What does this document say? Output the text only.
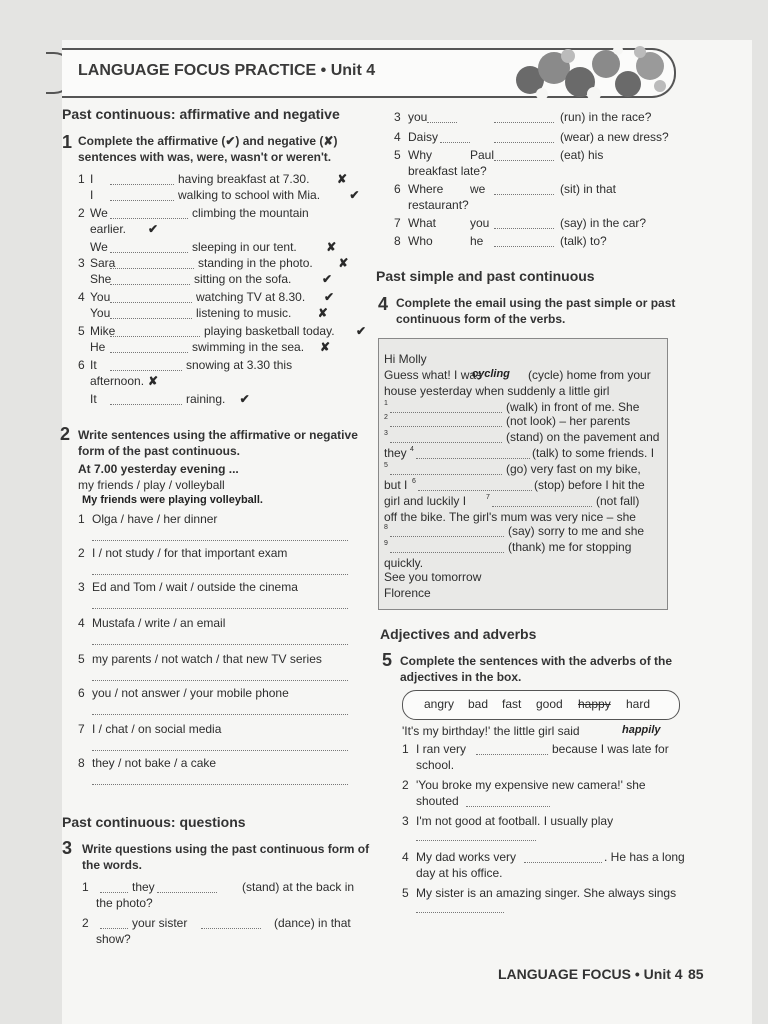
LANGUAGE FOCUS PRACTICE • Unit 4
Past continuous: affirmative and negative
1 Complete the affirmative (✔) and negative (✘)
sentences with was, were, wasn't or weren't.
2 Write sentences using the affirmative or negative
form of the past continuous.
At 7.00 yesterday evening ...
my friends / play / volleyball
My friends were playing volleyball.
Past continuous: questions
3 Write questions using the past continuous form of
the words.
Past simple and past continuous
4 Complete the email using the past simple or past
continuous form of the verbs.
Adjectives and adverbs
5 Complete the sentences with the adverbs of the
adjectives in the box.
LANGUAGE FOCUS • Unit 4 85
1 I	having breakfast at 7.30. ✘
I	walking to school with Mia. ✔
2 We	climbing the mountain
earlier. ✔
We	sleeping in our tent. ✘
3 Sara	standing in the photo. ✘
She	sitting on the sofa.	✔
4 You	watching TV at 8.30. ✔
You	listening to music. ✘
5 Mike	playing basketball today. ✔
He	swimming in the sea. ✘
6 It	snowing at 3.30 this
afternoon. ✘
It	raining. ✔
1 Olga / have / her dinner
2 I / not study / for that important exam
3 Ed and Tom / wait / outside the cinema
4 Mustafa / write / an email
5 my parents / not watch / that new TV series
6 you / not answer / your mobile phone
7 I / chat / on social media
8 they / not bake / a cake
1	they	(stand) at the back in
the photo?
2	your sister	(dance) in that
show?
3 you	(run) in the race?
4 Daisy	(wear) a new dress?
5 Why	Paul	(eat) his
breakfast late?
6 Where we	(sit) in that
restaurant?
7 What	you	(say) in the car?
8 Who	he	(talk) to?
Hi Molly
Guess what! I was
cycling (cycle) home from your
house yesterday when suddenly a little girl
1	(walk) in front of me. She
2	(not look) – her parents
3	(stand) on the pavement and
they 4	(talk) to some friends. I
5	(go) very fast on my bike,
but I 6	(stop) before I hit the
girl and luckily I	7	(not fall)
off the bike. The girl's mum was very nice – she
8	(say) sorry to me and she
9	(thank) me for stopping
quickly.
See you tomorrow
Florence
angry bad fast good happy hard
'It's my birthday!' the little girl said	happily
1 I ran very	because I was late for
school.
2 'You broke my expensive new camera!' she
shouted
3 I'm not good at football. I usually play
4 My dad works very	. He has a long
day at his office.
5 My sister is an amazing singer. She always sings
